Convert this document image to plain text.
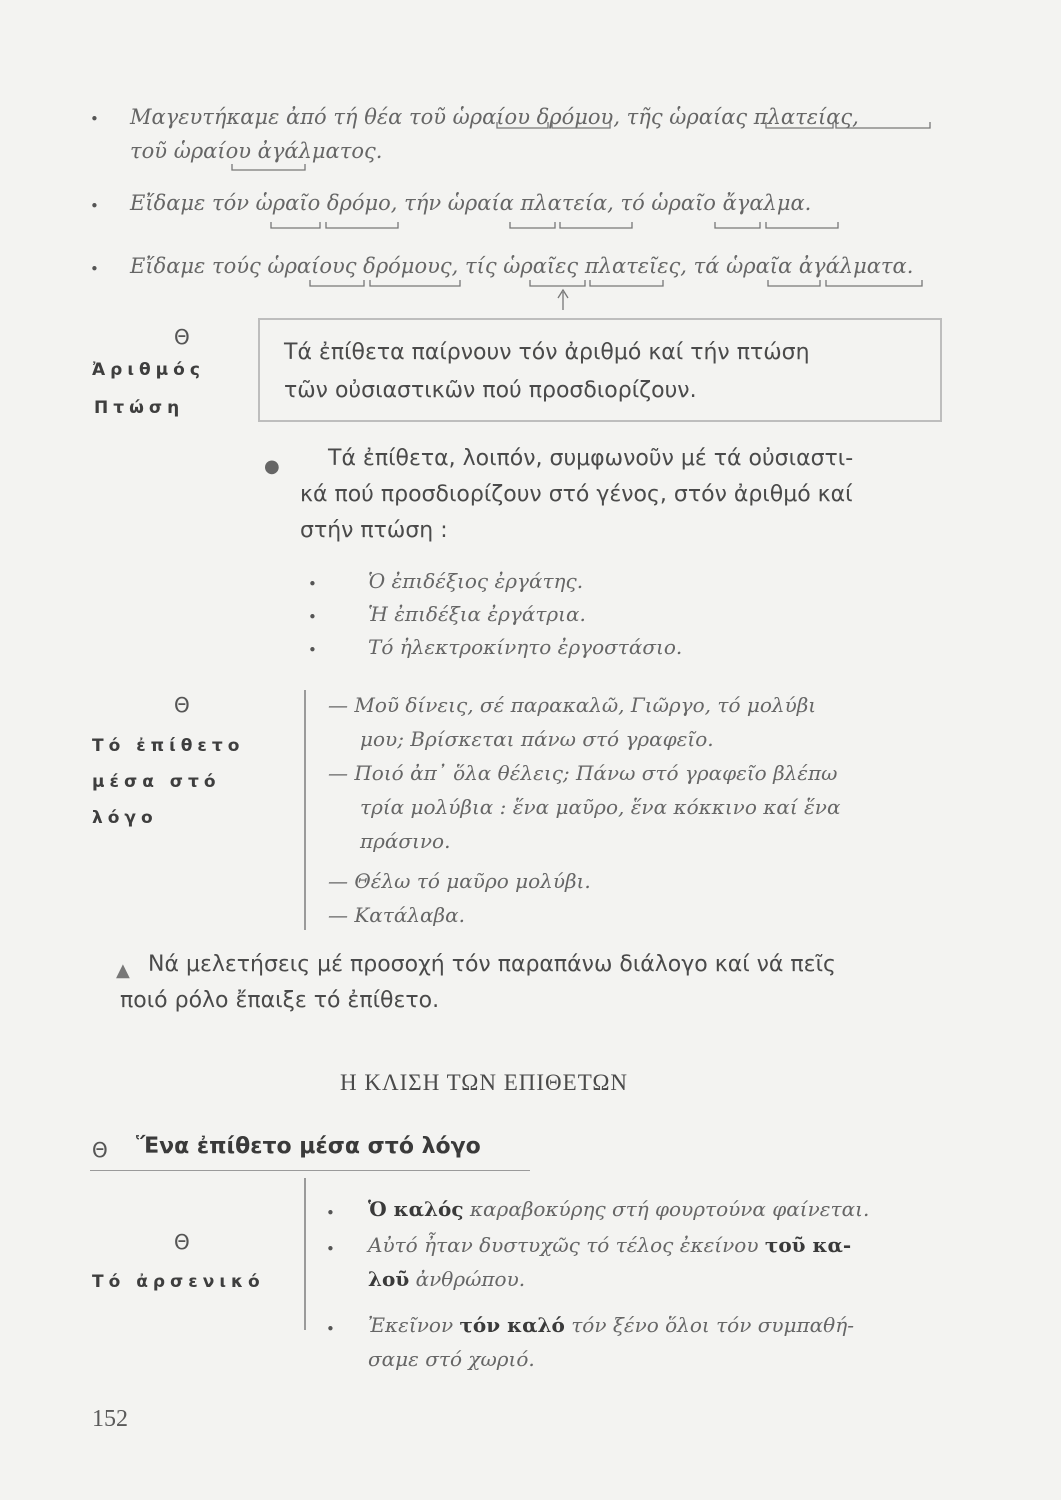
• Μαγευτήκαμε ἀπό τή θέα τοῦ ὡραίου δρόμου, τῆς ὡραίας πλατείας,
τοῦ ὡραίου ἀγάλματος.
• Εἴδαμε τόν ὡραῖο δρόμο, τήν ὡραία πλατεία, τό ὡραῖο ἄγαλμα.
• Εἴδαμε τούς ὡραίους δρόμους, τίς ὡραῖες πλατεῖες, τά ὡραῖα ἀγάλματα.
Θ
Ἀριθμός
Πτώση
Τά ἐπίθετα παίρνουν τόν ἀριθμό καί τήν πτώση
τῶν οὐσιαστικῶν πού προσδιορίζουν.
● Τά ἐπίθετα, λοιπόν, συμφωνοῦν μέ τά οὐσιαστι-
κά πού προσδιορίζουν στό γένος, στόν ἀριθμό καί
στήν πτώση :
•	Ὁ ἐπιδέξιος ἐργάτης.
•	Ἡ ἐπιδέξια ἐργάτρια.
•	Τό ἠλεκτροκίνητο ἐργοστάσιο.
Θ
Τό ἐπίθετο
μέσα στό
λόγο
— Μοῦ δίνεις, σέ παρακαλῶ, Γιῶργο, τό μολύβι
μου; Βρίσκεται πάνω στό γραφεῖο.
— Ποιό ἀπ᾿ ὅλα θέλεις; Πάνω στό γραφεῖο βλέπω
τρία μολύβια : ἕνα μαῦρο, ἕνα κόκκινο καί ἕνα
πράσινο.
— Θέλω τό μαῦρο μολύβι.
— Κατάλαβα.
▲ Νά μελετήσεις μέ προσοχή τόν παραπάνω διάλογο καί νά πεῖς
ποιό ρόλο ἔπαιξε τό ἐπίθετο.
Η ΚΛΙΣΗ ΤΩΝ ΕΠΙΘΕΤΩΝ
Θ Ἕνα ἐπίθετο μέσα στό λόγο
Θ
Τό ἀρσενικό
• Ὁ καλός καραβοκύρης στή φουρτούνα φαίνεται.
• Αὐτό ἦταν δυστυχῶς τό τέλος ἐκείνου τοῦ κα-
λοῦ ἀνθρώπου.
• Ἐκεῖνον τόν καλό τόν ξένο ὅλοι τόν συμπαθή-
σαμε στό χωριό.
152
